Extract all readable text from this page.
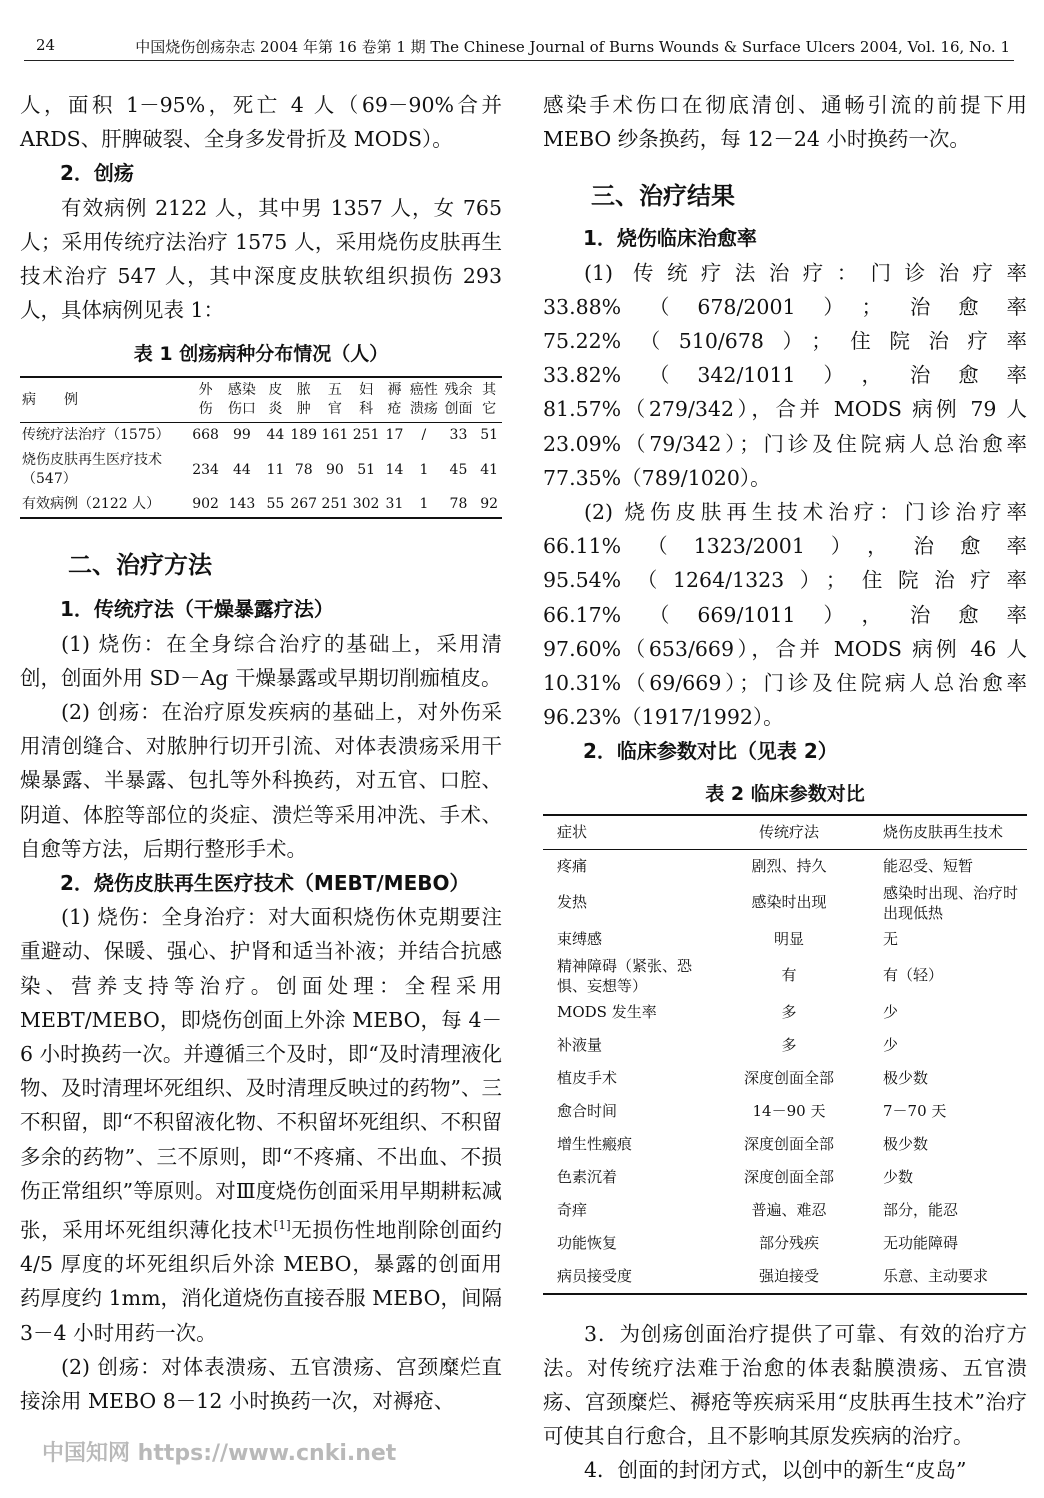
24	中国烧伤创疡杂志 2004 年第 16 卷第 1 期 The Chinese Journal of Burns Wounds & Surface Ulcers 2004, Vol. 16, No. 1

人，面积 1－95%，死亡 4 人（69－90%合并ARDS、肝脾破裂、全身多发骨折及 MODS）。

2．创疡

有效病例 2122 人，其中男 1357 人，女 765 人；采用传统疗法治疗 1575 人，采用烧伤皮肤再生技术治疗 547 人，其中深度皮肤软组织损伤 293 人，具体病例见表 1：

表 1 创疡病种分布情况（人）
病　　例	外伤	感染伤口	皮炎	脓肿	五官	妇科	褥疮	癌性溃疡	残余创面	其它
传统疗法治疗（1575）	668	99	44	189	161	251	17	/	33	51
烧伤皮肤再生医疗技术（547）	234	44	11	78	90	51	14	1	45	41
有效病例（2122 人）	902	143	55	267	251	302	31	1	78	92
二、治疗方法
1．传统疗法（干燥暴露疗法）

(1) 烧伤：在全身综合治疗的基础上，采用清创，创面外用 SD－Ag 干燥暴露或早期切削痂植皮。

(2) 创疡：在治疗原发疾病的基础上，对外伤采用清创缝合、对脓肿行切开引流、对体表溃疡采用干燥暴露、半暴露、包扎等外科换药，对五官、口腔、阴道、体腔等部位的炎症、溃烂等采用冲洗、手术、自愈等方法，后期行整形手术。

2．烧伤皮肤再生医疗技术（MEBT/MEBO）

(1) 烧伤：全身治疗：对大面积烧伤休克期要注重避动、保暖、强心、护肾和适当补液；并结合抗感染、营养支持等治疗。创面处理：全程采用 MEBT/MEBO，即烧伤创面上外涂 MEBO，每 4－6 小时换药一次。并遵循三个及时，即“及时清理液化物、及时清理坏死组织、及时清理反映过的药物”、三不积留，即“不积留液化物、不积留坏死组织、不积留多余的药物”、三不原则，即“不疼痛、不出血、不损伤正常组织”等原则。对Ⅲ度烧伤创面采用早期耕耘减张，采用坏死组织薄化技术[1]无损伤性地削除创面约 4/5 厚度的坏死组织后外涂 MEBO，暴露的创面用药厚度约 1mm，消化道烧伤直接吞服 MEBO，间隔 3－4 小时用药一次。

(2) 创疡：对体表溃疡、五官溃疡、宫颈糜烂直接涂用 MEBO 8－12 小时换药一次，对褥疮、

感染手术伤口在彻底清创、通畅引流的前提下用 MEBO 纱条换药，每 12－24 小时换药一次。

三、治疗结果
1．烧伤临床治愈率

(1) 传统疗法治疗：门诊治疗率 33.88%（678/2001）；治愈率 75.22%（510/678）；住院治疗率 33.82%（342/1011），治愈率 81.57%（279/342），合并 MODS 病例 79 人 23.09%（79/342）；门诊及住院病人总治愈率 77.35%（789/1020）。

(2) 烧伤皮肤再生技术治疗：门诊治疗率 66.11%（1323/2001），治愈率 95.54%（1264/1323）；住院治疗率 66.17%（669/1011），治愈率 97.60%（653/669），合并 MODS 病例 46 人 10.31%（69/669）；门诊及住院病人总治愈率 96.23%（1917/1992）。

2．临床参数对比（见表 2）
表 2 临床参数对比
症状	传统疗法	烧伤皮肤再生技术
疼痛	剧烈、持久	能忍受、短暂
发热	感染时出现	感染时出现、治疗时出现低热
束缚感	明显	无
精神障碍（紧张、恐惧、妄想等）	有	有（轻）
MODS 发生率	多	少
补液量	多	少
植皮手术	深度创面全部	极少数
愈合时间	14－90 天	7－70 天
增生性瘢痕	深度创面全部	极少数
色素沉着	深度创面全部	少数
奇痒	普遍、难忍	部分，能忍
功能恢复	部分残疾	无功能障碍
病员接受度	强迫接受	乐意、主动要求

3．为创疡创面治疗提供了可靠、有效的治疗方法。对传统疗法难于治愈的体表黏膜溃疡、五官溃疡、宫颈糜烂、褥疮等疾病采用“皮肤再生技术”治疗可使其自行愈合，且不影响其原发疾病的治疗。

4．创面的封闭方式，以创中的新生“皮岛”

中国知网 https://www.cnki.net
